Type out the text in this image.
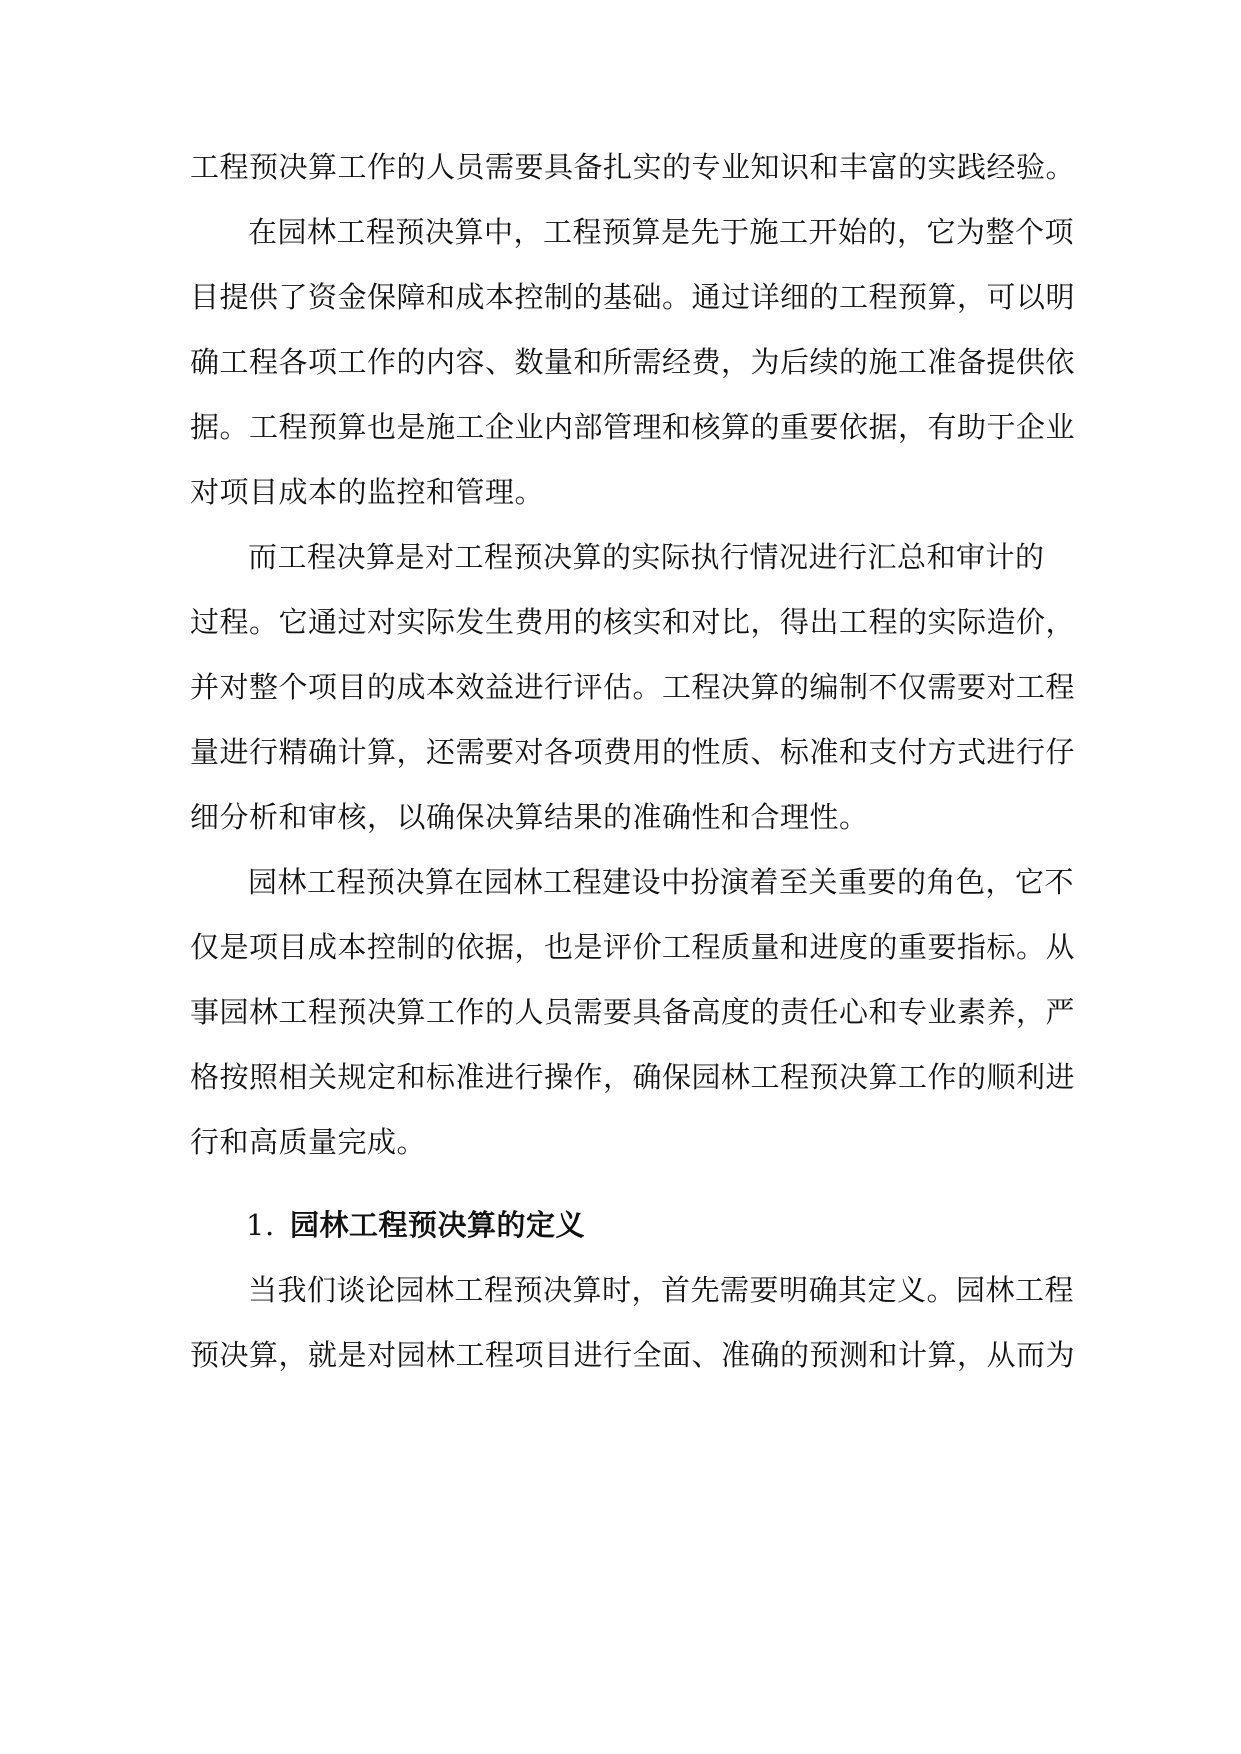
工程预决算工作的人员需要具备扎实的专业知识和丰富的实践经验。
在园林工程预决算中，工程预算是先于施工开始的，它为整个项
目提供了资金保障和成本控制的基础。通过详细的工程预算，可以明
确工程各项工作的内容、数量和所需经费，为后续的施工准备提供依
据。工程预算也是施工企业内部管理和核算的重要依据，有助于企业
对项目成本的监控和管理。
而工程决算是对工程预决算的实际执行情况进行汇总和审计的
过程。它通过对实际发生费用的核实和对比，得出工程的实际造价，
并对整个项目的成本效益进行评估。工程决算的编制不仅需要对工程
量进行精确计算，还需要对各项费用的性质、标准和支付方式进行仔
细分析和审核，以确保决算结果的准确性和合理性。
园林工程预决算在园林工程建设中扮演着至关重要的角色，它不
仅是项目成本控制的依据，也是评价工程质量和进度的重要指标。从
事园林工程预决算工作的人员需要具备高度的责任心和专业素养，严
格按照相关规定和标准进行操作，确保园林工程预决算工作的顺利进
行和高质量完成。
1. 园林工程预决算的定义
当我们谈论园林工程预决算时，首先需要明确其定义。园林工程
预决算，就是对园林工程项目进行全面、准确的预测和计算，从而为
